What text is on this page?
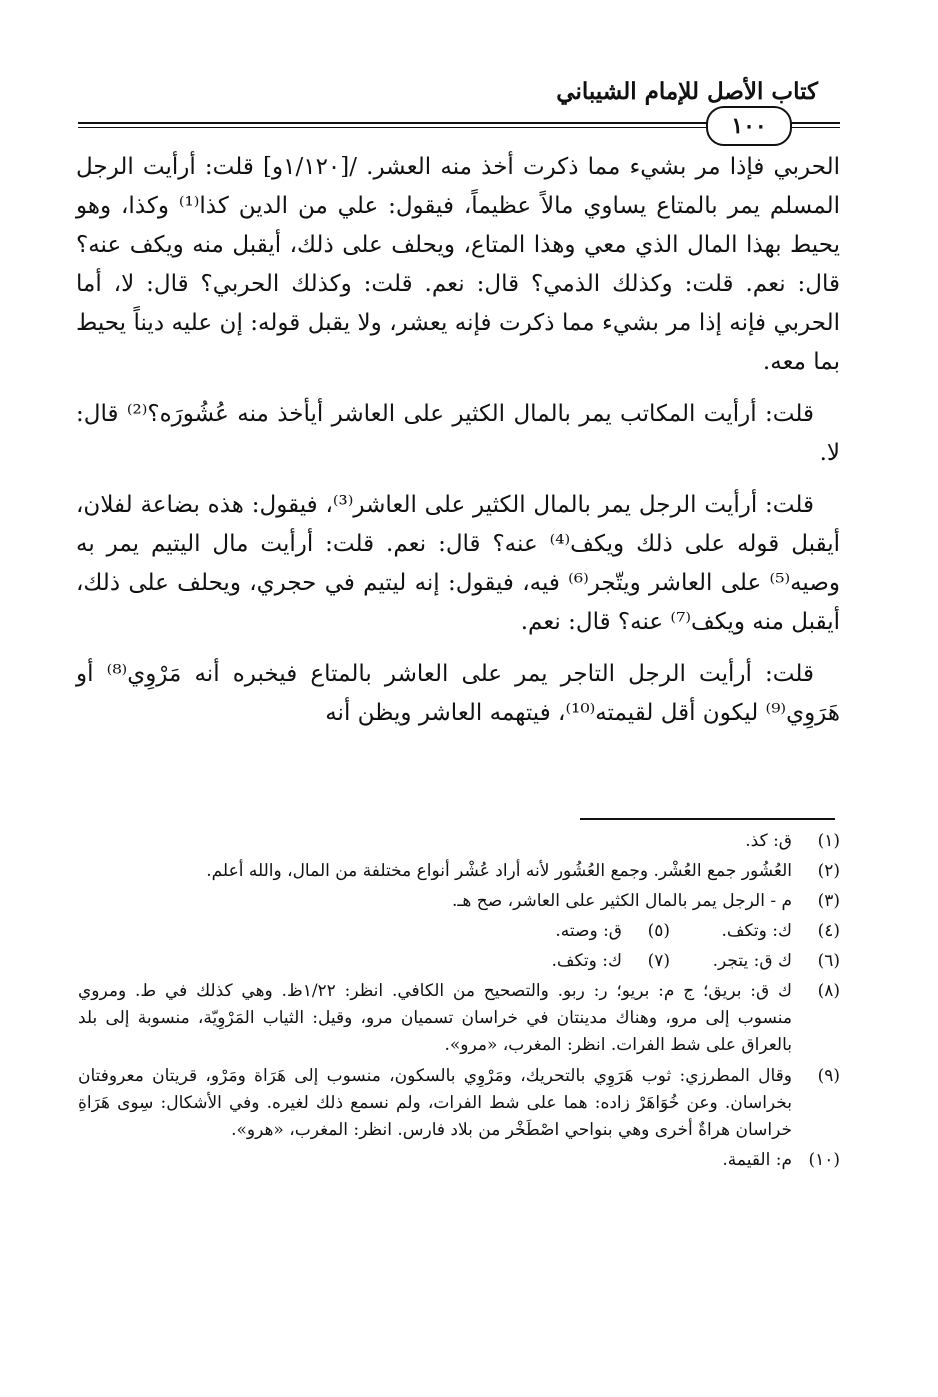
كتاب الأصل للإمام الشيباني
١٠٠

الحربي فإذا مر بشيء مما ذكرت أخذ منه العشر. /[١/١٢٠و] قلت: أرأيت الرجل المسلم يمر بالمتاع يساوي مالاً عظيماً، فيقول: علي من الدين كذا⁽¹⁾ وكذا، وهو يحيط بهذا المال الذي معي وهذا المتاع، ويحلف على ذلك، أيقبل منه ويكف عنه؟ قال: نعم. قلت: وكذلك الذمي؟ قال: نعم. قلت: وكذلك الحربي؟ قال: لا، أما الحربي فإنه إذا مر بشيء مما ذكرت فإنه يعشر، ولا يقبل قوله: إن عليه ديناً يحيط بما معه.

قلت: أرأيت المكاتب يمر بالمال الكثير على العاشر أيأخذ منه عُشُورَه؟⁽²⁾ قال: لا.

قلت: أرأيت الرجل يمر بالمال الكثير على العاشر⁽³⁾، فيقول: هذه بضاعة لفلان، أيقبل قوله على ذلك ويكف⁽⁴⁾ عنه؟ قال: نعم. قلت: أرأيت مال اليتيم يمر به وصيه⁽⁵⁾ على العاشر ويتّجر⁽⁶⁾ فيه، فيقول: إنه ليتيم في حجري، ويحلف على ذلك، أيقبل منه ويكف⁽⁷⁾ عنه؟ قال: نعم.

قلت: أرأيت الرجل التاجر يمر على العاشر بالمتاع فيخبره أنه مَرْوِي⁽⁸⁾ أو هَرَوِي⁽⁹⁾ ليكون أقل لقيمته⁽¹⁰⁾، فيتهمه العاشر ويظن أنه

(١)
ق: كذ.
(٢)
العُشُور جمع العُشْر. وجمع العُشُور لأنه أراد عُشْر أنواع مختلفة من المال، والله أعلم.
(٣)
م - الرجل يمر بالمال الكثير على العاشر، صح هـ.
(٤)
ك: وتكف.
(٥)
ق: وصته.
(٦)
ك ق: يتجر.
(٧)
ك: وتكف.
(٨)
ك ق: بريق؛ ج م: بريو؛ ر: ربو. والتصحيح من الكافي. انظر: ١/٢٢ظ. وهي كذلك في ط. ومروي منسوب إلى مرو، وهناك مدينتان في خراسان تسميان مرو، وقيل: الثياب المَرْوِيّة، منسوبة إلى بلد بالعراق على شط الفرات. انظر: المغرب، «مرو».
(٩)
وقال المطرزي: ثوب هَرَوِي بالتحريك، ومَرْوِي بالسكون، منسوب إلى هَرَاة ومَرْو، قريتان معروفتان بخراسان. وعن خُوَاهَرْ زاده: هما على شط الفرات، ولم نسمع ذلك لغيره. وفي الأشكال: سِوى هَرَاةِ خراسان هراةٌ أخرى وهي بنواحي اصْطَخْر من بلاد فارس. انظر: المغرب، «هرو».
(١٠)
م: القيمة.
